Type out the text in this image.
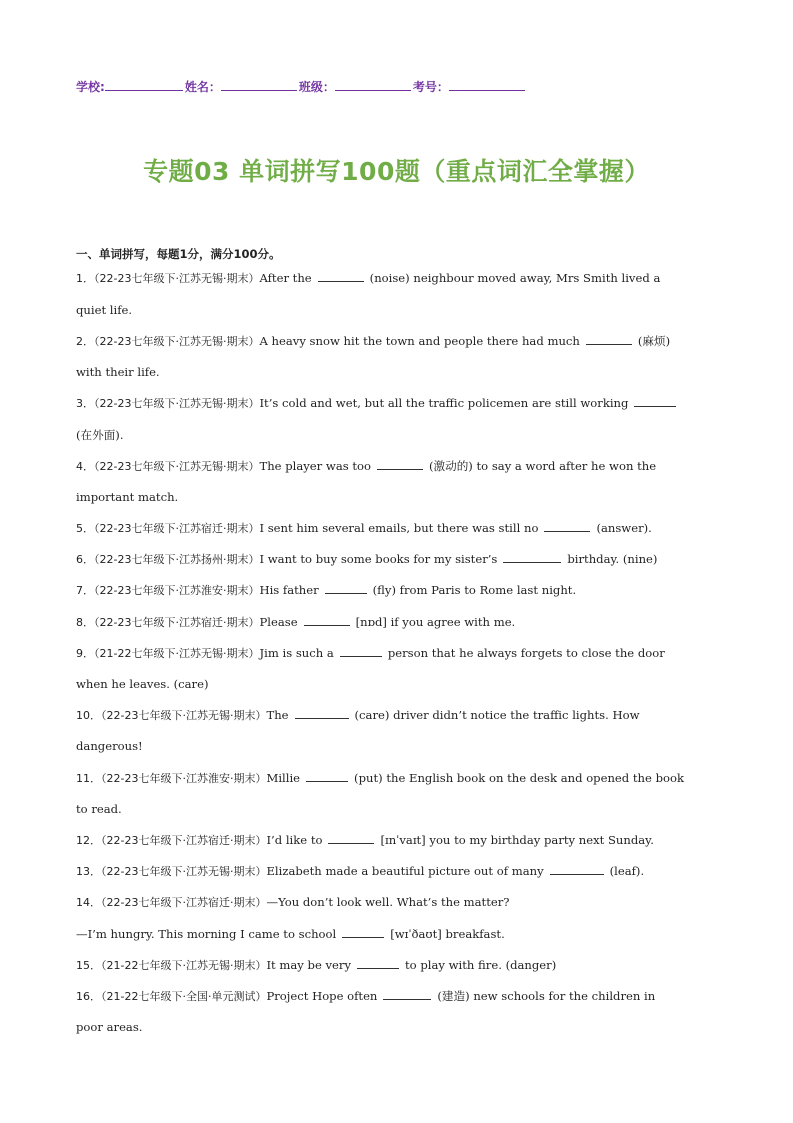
学校:	姓名：	班级：	考号：
专题03 单词拼写100题（重点词汇全掌握）
一、单词拼写，每题1分，满分100分。
1．（22-23七年级下·江苏无锡·期末）After the	(noise) neighbour moved away, Mrs Smith lived a
quiet life.
2．（22-23七年级下·江苏无锡·期末）A heavy snow hit the town and people there had much	(麻烦)
with their life.
3．（22-23七年级下·江苏无锡·期末）It’s cold and wet, but all the traffic policemen are still working
(在外面).
4．（22-23七年级下·江苏无锡·期末）The player was too	(激动的) to say a word after he won the
important match.
5．（22-23七年级下·江苏宿迁·期末）I sent him several emails, but there was still no	(answer).
6．（22-23七年级下·江苏扬州·期末）I want to buy some books for my sister’s	birthday. (nine)
7．（22-23七年级下·江苏淮安·期末）His father	(fly) from Paris to Rome last night.
8．（22-23七年级下·江苏宿迁·期末）Please	[nɒd] if you agree with me.
9．（21-22七年级下·江苏无锡·期末）Jim is such a	person that he always forgets to close the door
when he leaves. (care)
10．（22-23七年级下·江苏无锡·期末）The	(care) driver didn’t notice the traffic lights. How
dangerous!
11．（22-23七年级下·江苏淮安·期末）Millie	(put) the English book on the desk and opened the book
to read.
12．（22-23七年级下·江苏宿迁·期末）I’d like to	[ɪnˈvaɪt] you to my birthday party next Sunday.
13．（22-23七年级下·江苏无锡·期末）Elizabeth made a beautiful picture out of many	(leaf).
14．（22-23七年级下·江苏宿迁·期末）—You don’t look well. What’s the matter?
—I’m hungry. This morning I came to school	[wɪˈðaʊt] breakfast.
15．（21-22七年级下·江苏无锡·期末）It may be very	to play with fire. (danger)
16．（21-22七年级下·全国·单元测试）Project Hope often	(建造) new schools for the children in
poor areas.
